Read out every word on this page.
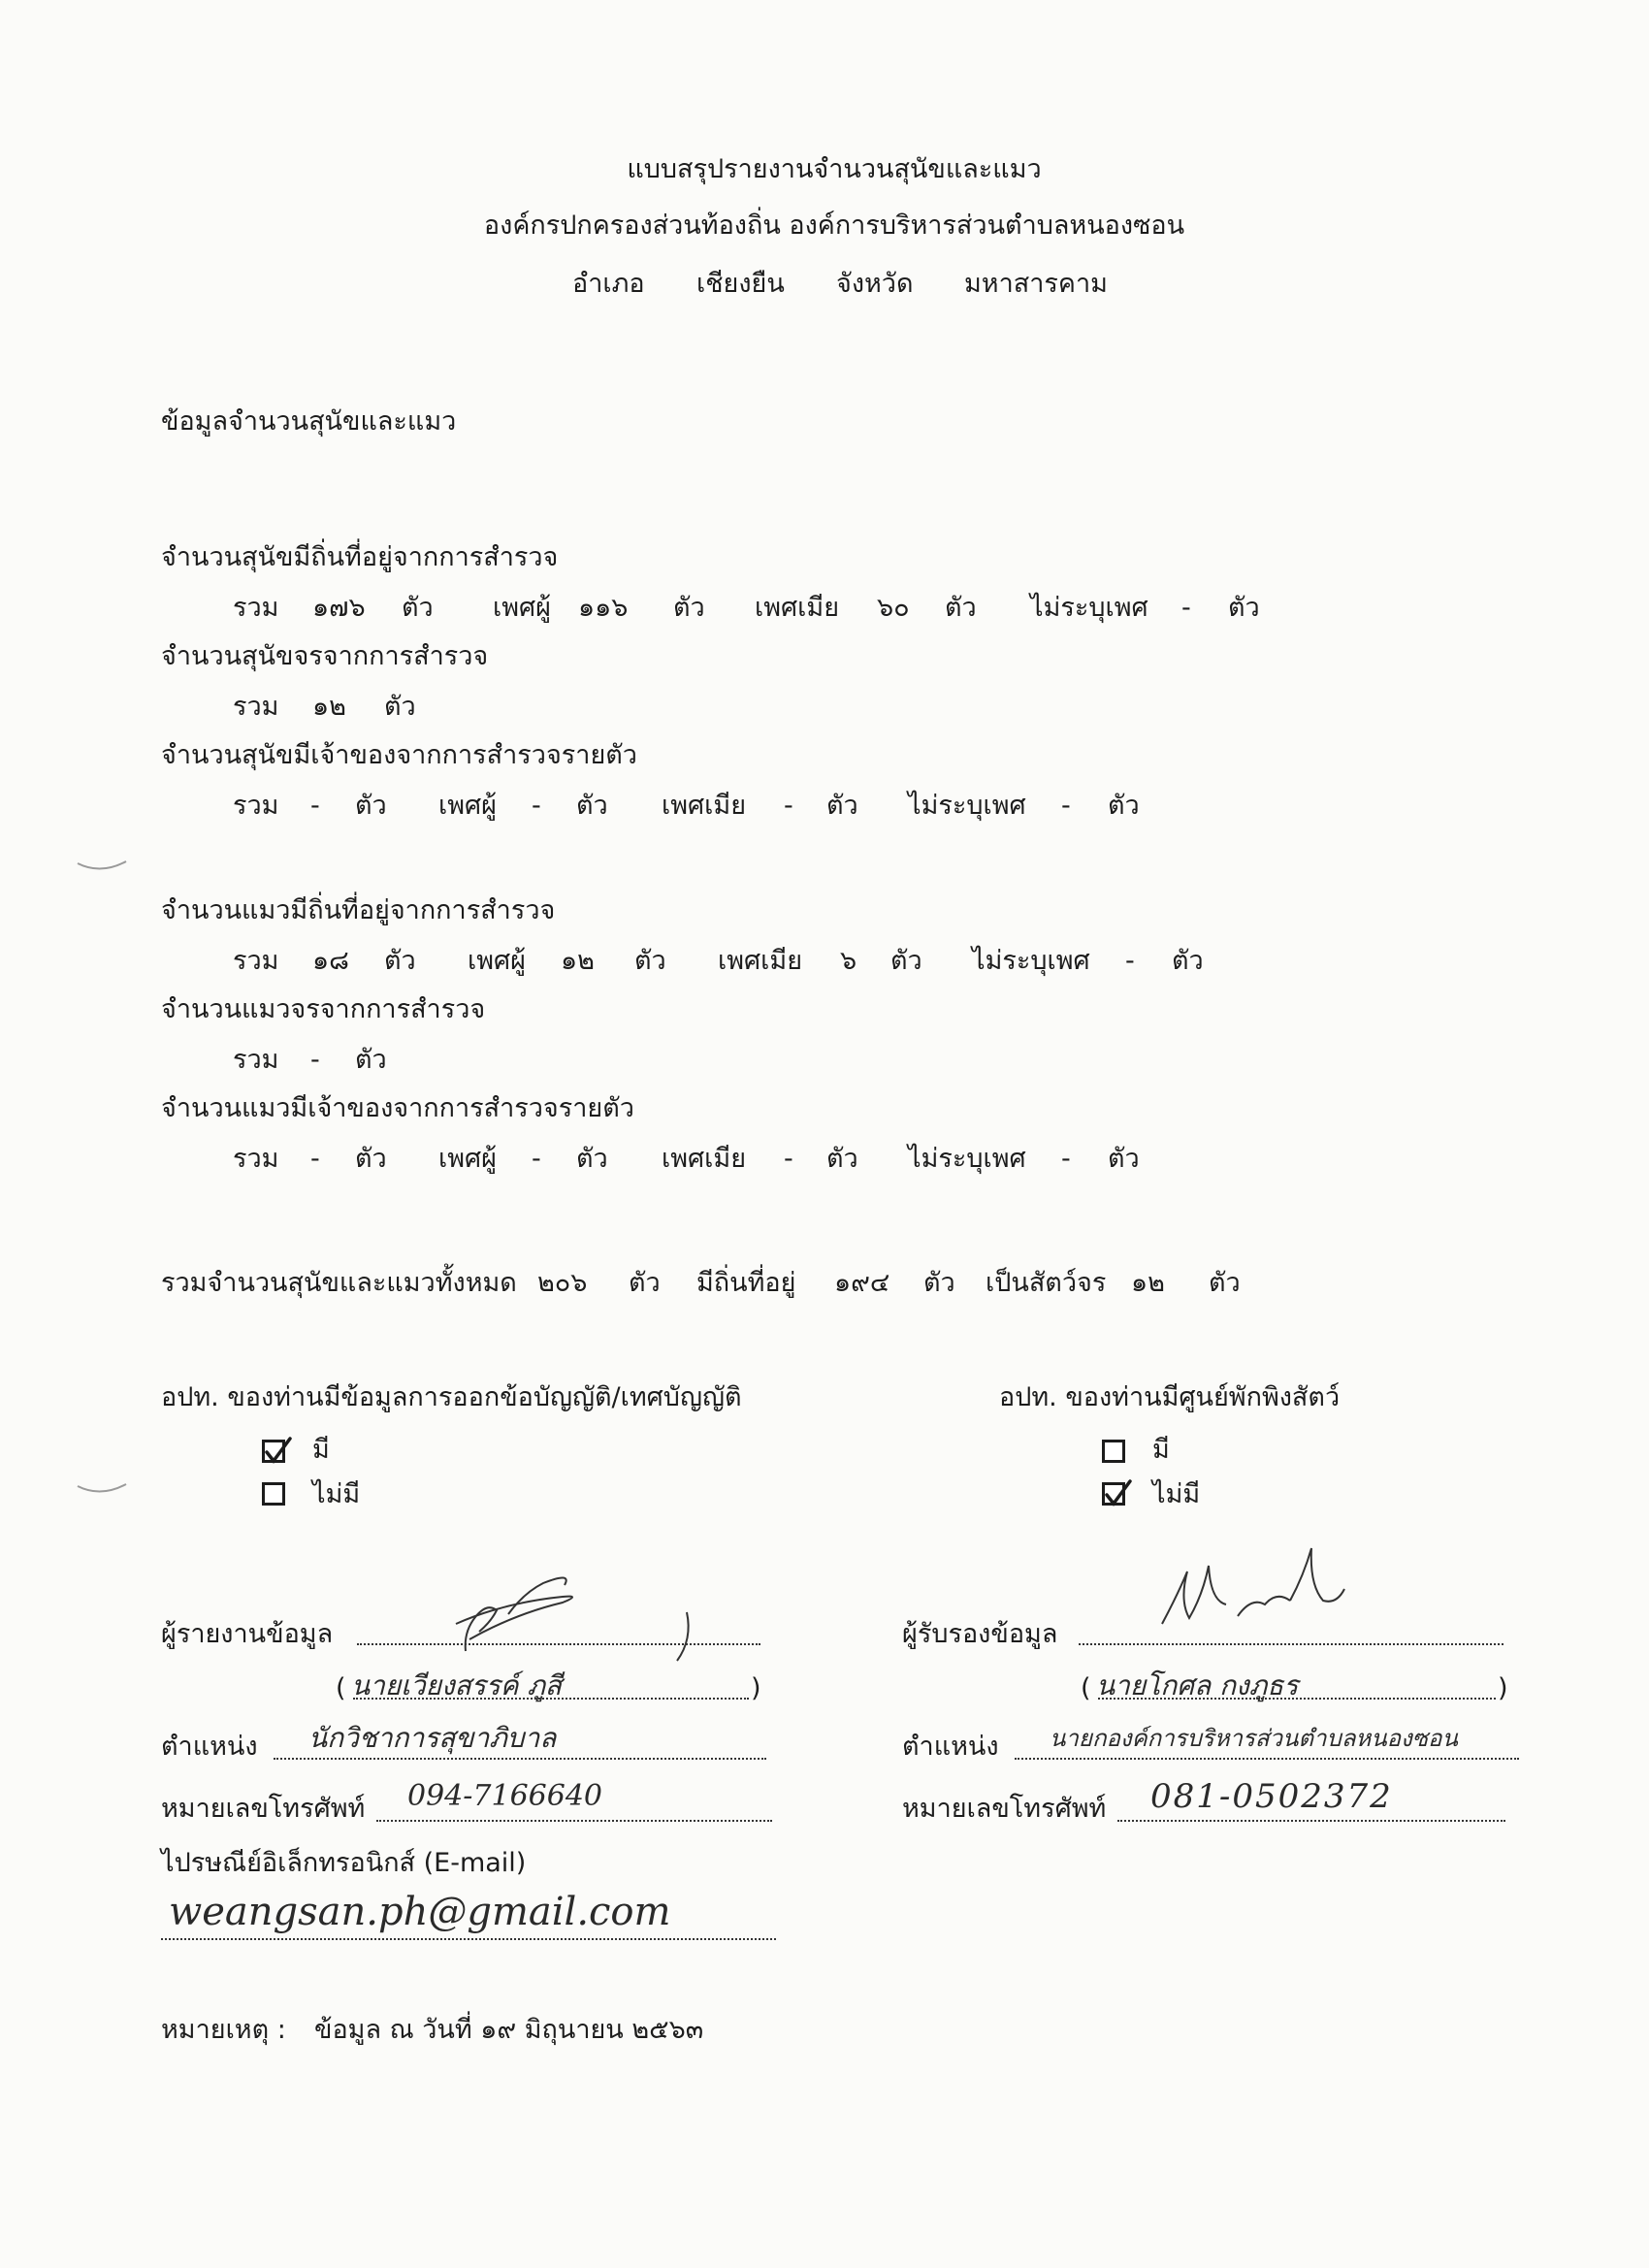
แบบสรุปรายงานจำนวนสุนัขและแมว
องค์กรปกครองส่วนท้องถิ่น องค์การบริหารส่วนตำบลหนองซอน
อำเภอ เชียงยืน จังหวัด มหาสารคาม
ข้อมูลจำนวนสุนัขและแมว
จำนวนสุนัขมีถิ่นที่อยู่จากการสำรวจ
รวม ๑๗๖ ตัว เพศผู้ ๑๑๖ ตัว เพศเมีย ๖๐ ตัว ไม่ระบุเพศ - ตัว
จำนวนสุนัขจรจากการสำรวจ
รวม ๑๒ ตัว
จำนวนสุนัขมีเจ้าของจากการสำรวจรายตัว
รวม - ตัว เพศผู้ - ตัว เพศเมีย - ตัว ไม่ระบุเพศ - ตัว
จำนวนแมวมีถิ่นที่อยู่จากการสำรวจ
รวม ๑๘ ตัว เพศผู้ ๑๒ ตัว เพศเมีย ๖ ตัว ไม่ระบุเพศ - ตัว
จำนวนแมวจรจากการสำรวจ
รวม - ตัว
จำนวนแมวมีเจ้าของจากการสำรวจรายตัว
รวม - ตัว เพศผู้ - ตัว เพศเมีย - ตัว ไม่ระบุเพศ - ตัว
รวมจำนวนสุนัขและแมวทั้งหมด ๒๐๖ ตัว มีถิ่นที่อยู่ ๑๙๔ ตัว เป็นสัตว์จร ๑๒ ตัว
อปท. ของท่านมีข้อมูลการออกข้อบัญญัติ/เทศบัญญัติ
มี
ไม่มี
อปท. ของท่านมีศูนย์พักพิงสัตว์
มี
ไม่มี
ผู้รายงานข้อมูล
( นายเวียงสรรค์ ภูสี	)
ตำแหน่ง นักวิชาการสุขาภิบาล
หมายเลขโทรศัพท์ 094-7166640
ไปรษณีย์อิเล็กทรอนิกส์ (E-mail)
weangsan.ph@gmail.com
ผู้รับรองข้อมูล
( นายโกศล กงภูธร	)
ตำแหน่ง นายกองค์การบริหารส่วนตำบลหนองซอน
หมายเลขโทรศัพท์ 081-0502372
หมายเหตุ : ข้อมูล ณ วันที่ ๑๙ มิถุนายน ๒๕๖๓
